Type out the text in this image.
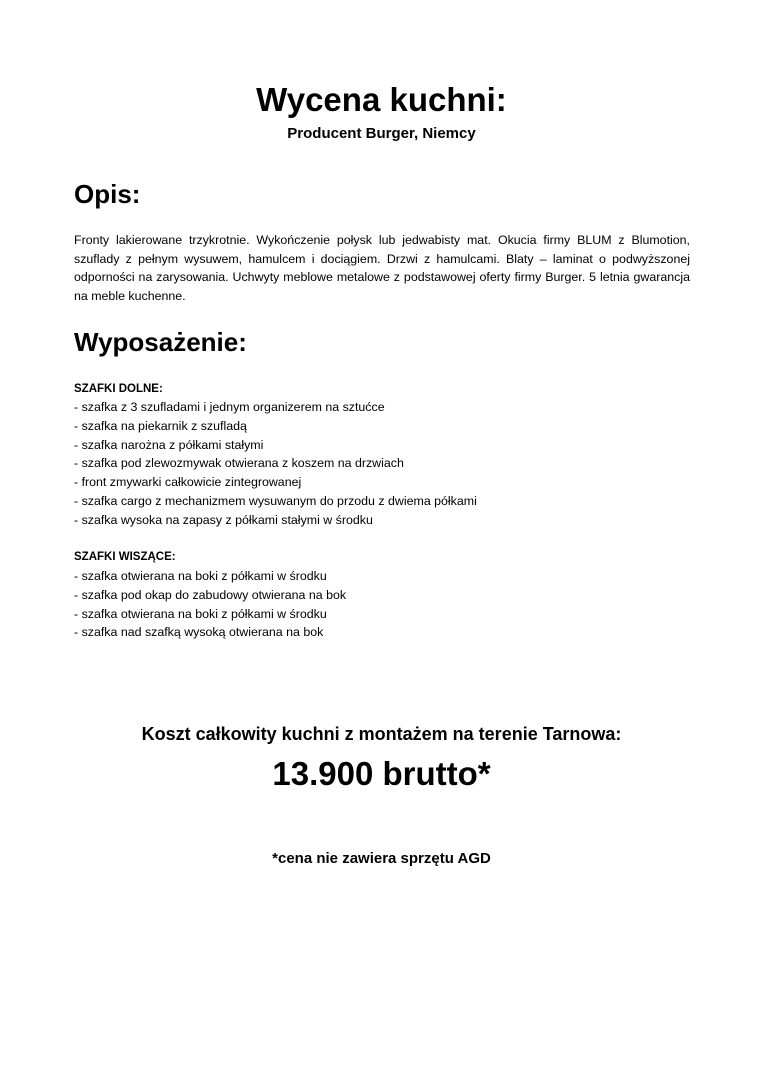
Wycena kuchni:
Producent Burger, Niemcy
Opis:

Fronty lakierowane trzykrotnie. Wykończenie połysk lub jedwabisty mat. Okucia firmy BLUM z Blumotion, szuflady z pełnym wysuwem, hamulcem i dociągiem. Drzwi z hamulcami. Blaty – laminat o podwyższonej odporności na zarysowania. Uchwyty meblowe metalowe z podstawowej oferty firmy Burger. 5 letnia gwarancja na meble kuchenne.

Wyposażenie:
SZAFKI DOLNE:
- szafka z 3 szufladami i jednym organizerem na sztućce
- szafka na piekarnik z szufladą
- szafka narożna z półkami stałymi
- szafka pod zlewozmywak otwierana z koszem na drzwiach
- front zmywarki całkowicie zintegrowanej
- szafka cargo z mechanizmem wysuwanym do przodu z dwiema półkami
- szafka wysoka na zapasy z półkami stałymi w środku
SZAFKI WISZĄCE:
- szafka otwierana na boki z półkami w środku
- szafka pod okap do zabudowy otwierana na bok
- szafka otwierana na boki z półkami w środku
- szafka nad szafką wysoką otwierana na bok
Koszt całkowity kuchni z montażem na terenie Tarnowa:
13.900 brutto*
*cena nie zawiera sprzętu AGD
